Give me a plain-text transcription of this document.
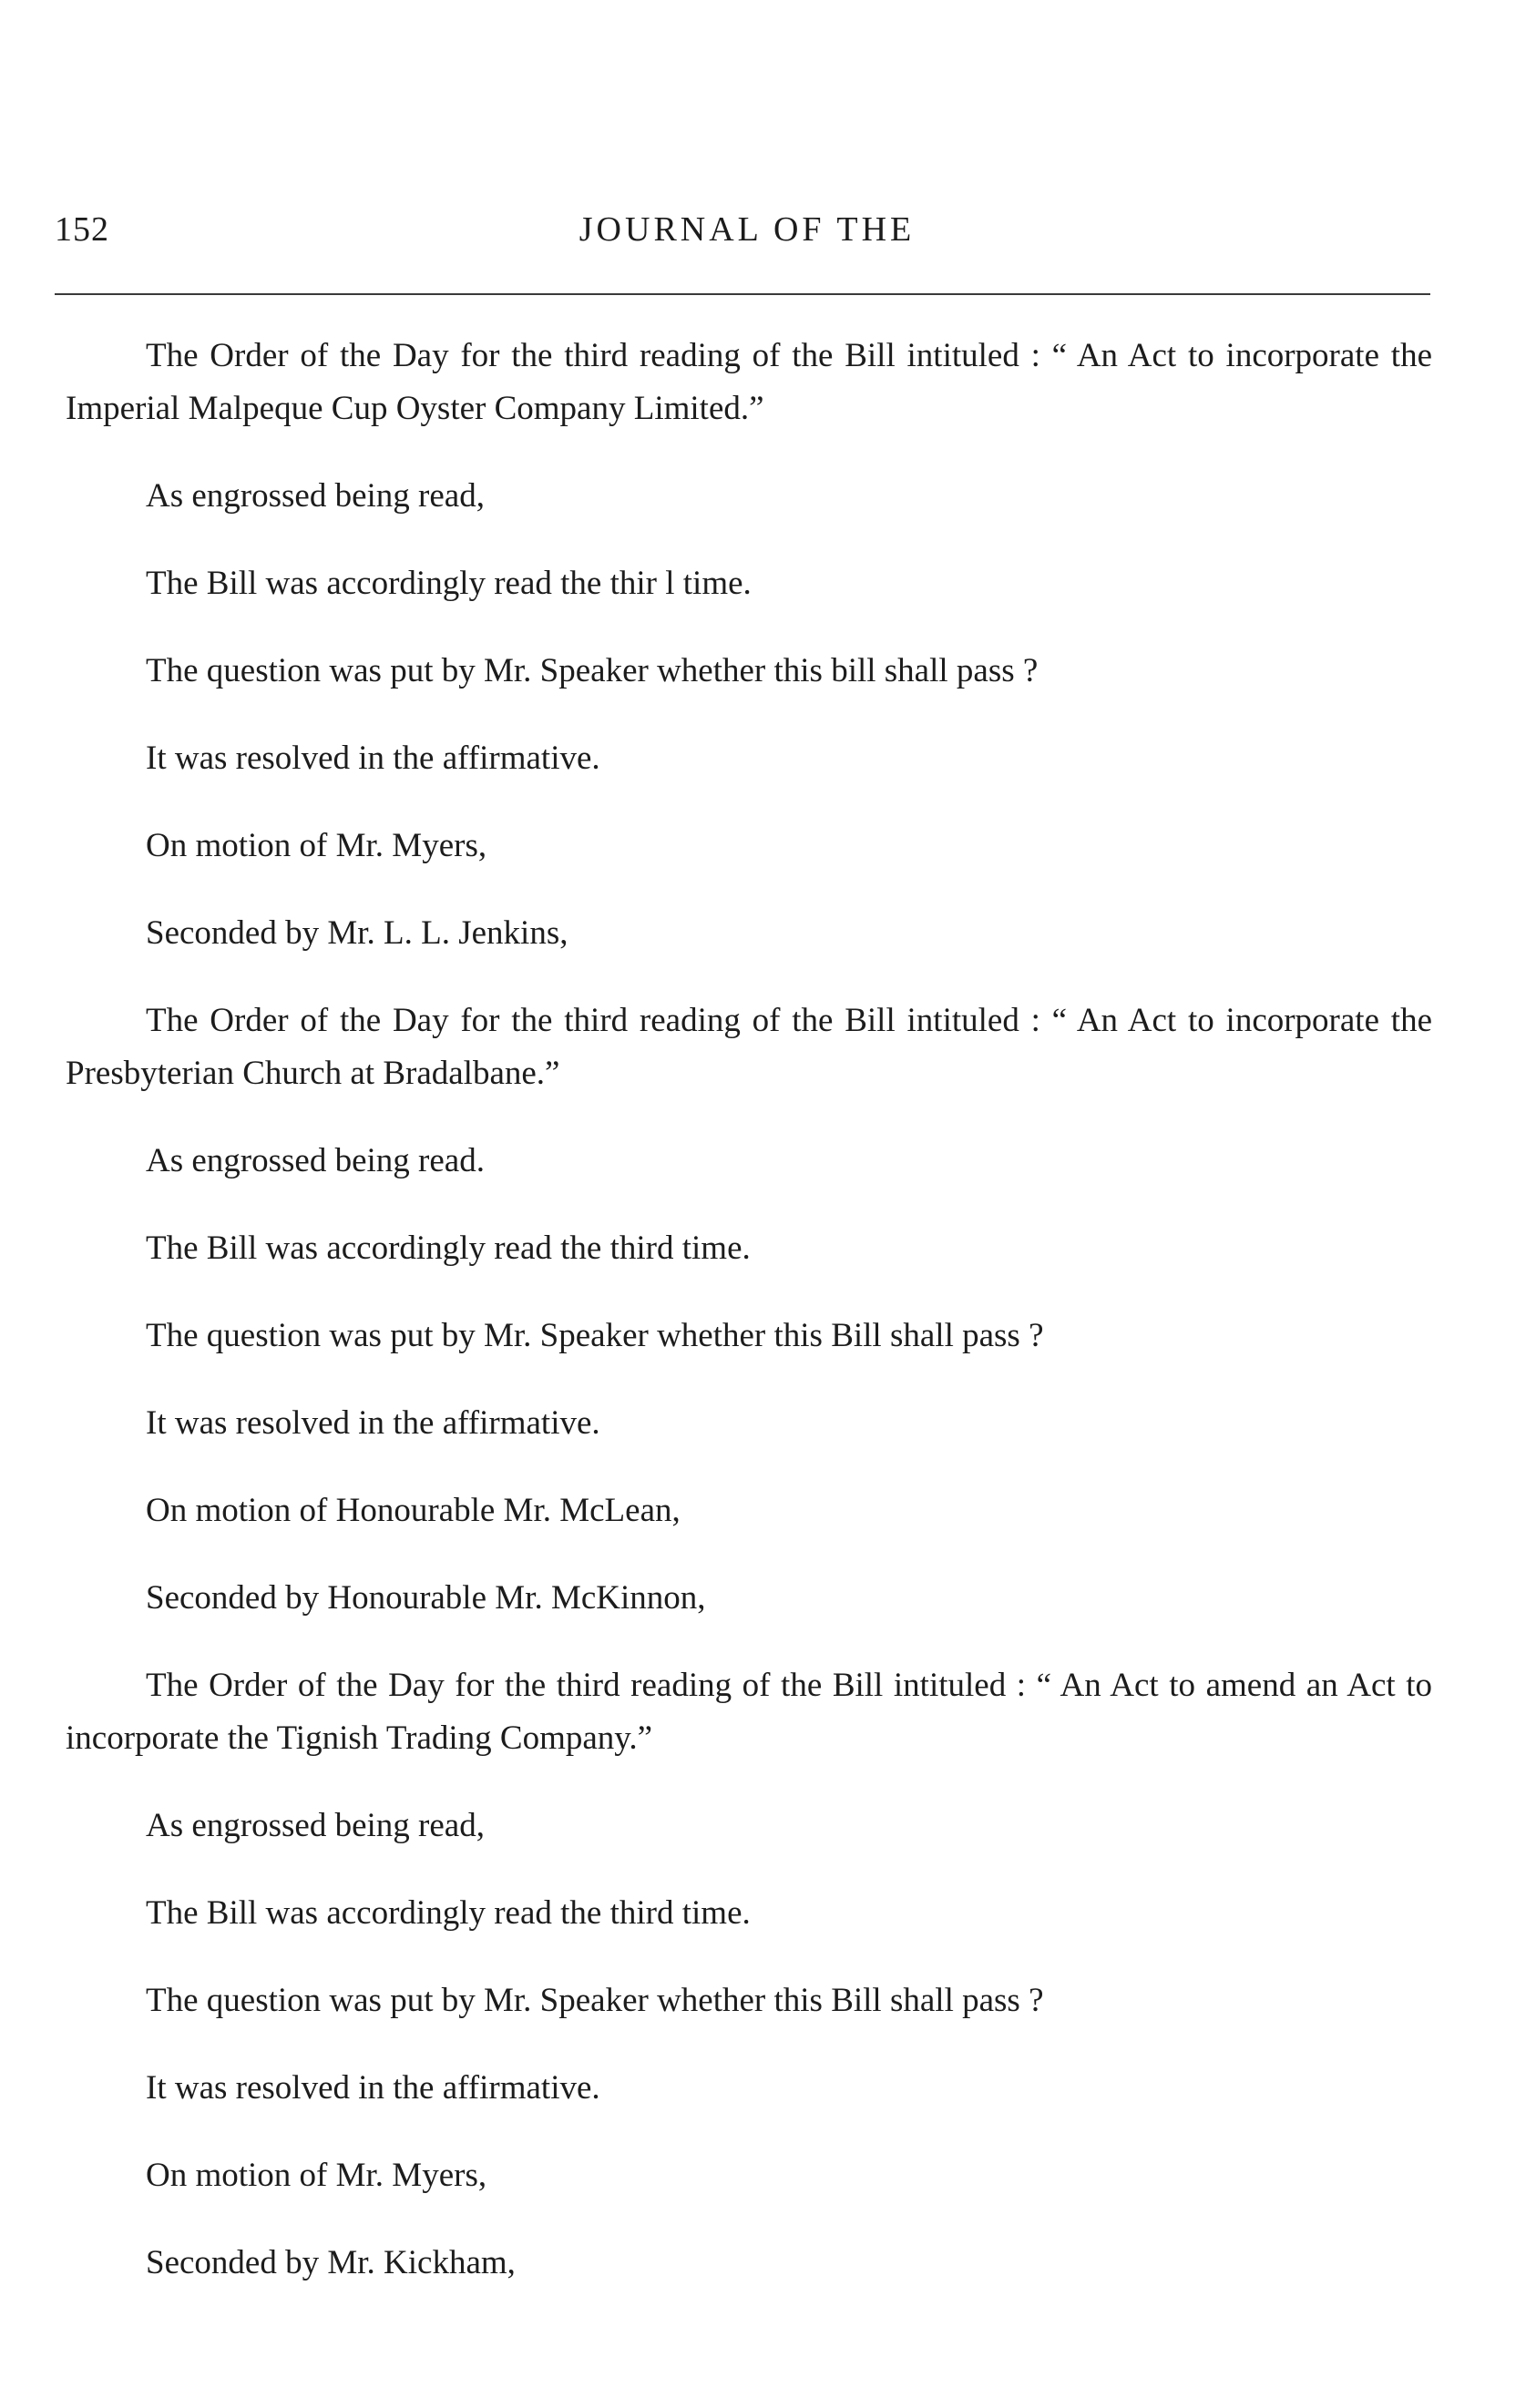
152	JOURNAL OF THE

The Order of the Day for the third reading of the Bill intituled : “ An Act to incorporate the Imperial Malpeque Cup Oyster Company Limited.”

As engrossed being read,

The Bill was accordingly read the thir l time.

The question was put by Mr. Speaker whether this bill shall pass ?

It was resolved in the affirmative.

On motion of Mr. Myers,

Seconded by Mr. L. L. Jenkins,

The Order of the Day for the third reading of the Bill intituled : “ An Act to incorporate the Presbyterian Church at Bradalbane.”

As engrossed being read.

The Bill was accordingly read the third time.

The question was put by Mr. Speaker whether this Bill shall pass ?

It was resolved in the affirmative.

On motion of Honourable Mr. McLean,

Seconded by Honourable Mr. McKinnon,

The Order of the Day for the third reading of the Bill intituled : “ An Act to amend an Act to incorporate the Tignish Trading Company.”

As engrossed being read,

The Bill was accordingly read the third time.

The question was put by Mr. Speaker whether this Bill shall pass ?

It was resolved in the affirmative.

On motion of Mr. Myers,

Seconded by Mr. Kickham,
